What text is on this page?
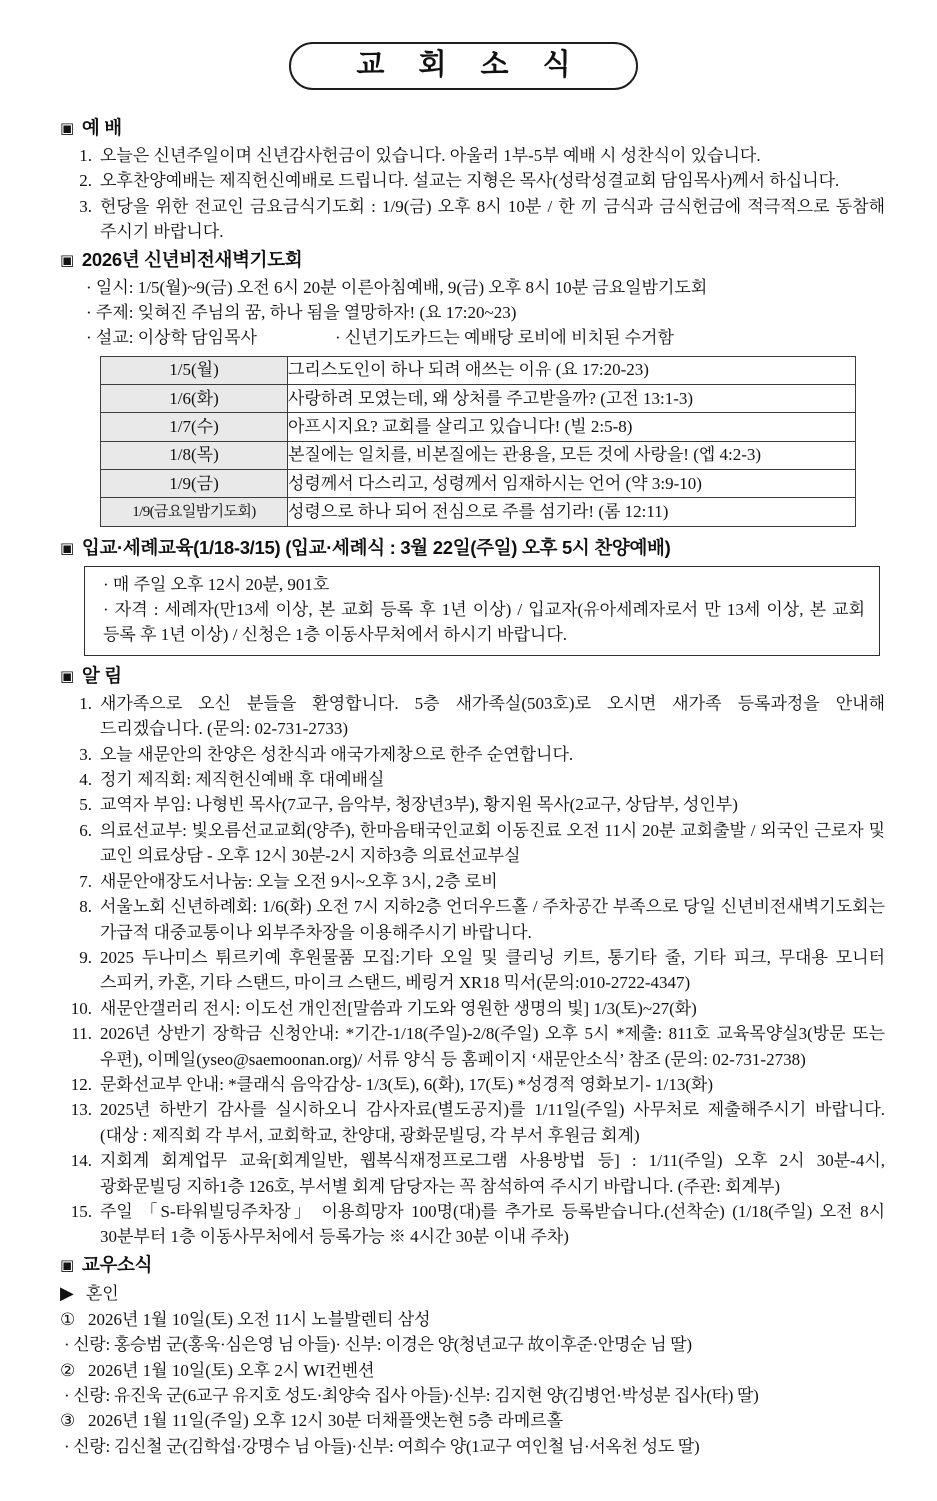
교 회 소 식
▣ 예 배
1. 오늘은 신년주일이며 신년감사헌금이 있습니다. 아울러 1부-5부 예배 시 성찬식이 있습니다.
2. 오후찬양예배는 제직헌신예배로 드립니다. 설교는 지형은 목사(성락성결교회 담임목사)께서 하십니다.
3. 헌당을 위한 전교인 금요금식기도회 : 1/9(금) 오후 8시 10분 / 한 끼 금식과 금식헌금에 적극적으로 동참해 주시기 바랍니다.
▣ 2026년 신년비전새벽기도회
· 일시: 1/5(월)~9(금) 오전 6시 20분 이른아침예배, 9(금) 오후 8시 10분 금요일밤기도회
· 주제: 잊혀진 주님의 꿈, 하나 됨을 열망하자! (요 17:20~23)
· 설교: 이상학 담임목사	· 신년기도카드는 예배당 로비에 비치된 수거함
1/5(월)	그리스도인이 하나 되려 애쓰는 이유 (요 17:20-23)
1/6(화)	사랑하려 모였는데, 왜 상처를 주고받을까? (고전 13:1-3)
1/7(수)	아프시지요? 교회를 살리고 있습니다! (빌 2:5-8)
1/8(목)	본질에는 일치를, 비본질에는 관용을, 모든 것에 사랑을! (엡 4:2-3)
1/9(금)	성령께서 다스리고, 성령께서 임재하시는 언어 (약 3:9-10)
1/9(금요일밤기도회)	성령으로 하나 되어 전심으로 주를 섬기라! (롬 12:11)
▣ 입교·세례교육(1/18-3/15) (입교·세례식 : 3월 22일(주일) 오후 5시 찬양예배)
· 매 주일 오후 12시 20분, 901호
· 자격 : 세례자(만13세 이상, 본 교회 등록 후 1년 이상) / 입교자(유아세례자로서 만 13세 이상, 본 교회 등록 후 1년 이상) / 신청은 1층 이동사무처에서 하시기 바랍니다.
▣ 알 림
1. 새가족으로 오신 분들을 환영합니다. 5층 새가족실(503호)로 오시면 새가족 등록과정을 안내해 드리겠습니다. (문의: 02-731-2733)
3. 오늘 새문안의 찬양은 성찬식과 애국가제창으로 한주 순연합니다.
4. 정기 제직회: 제직헌신예배 후 대예배실
5. 교역자 부임: 나형빈 목사(7교구, 음악부, 청장년3부), 황지원 목사(2교구, 상담부, 성인부)
6. 의료선교부: 빛오름선교교회(양주), 한마음태국인교회 이동진료 오전 11시 20분 교회출발 / 외국인 근로자 및 교인 의료상담 - 오후 12시 30분-2시 지하3층 의료선교부실
7. 새문안애장도서나눔: 오늘 오전 9시~오후 3시, 2층 로비
8. 서울노회 신년하례회: 1/6(화) 오전 7시 지하2층 언더우드홀 / 주차공간 부족으로 당일 신년비전새벽기도회는 가급적 대중교통이나 외부주차장을 이용해주시기 바랍니다.
9. 2025 두나미스 튀르키예 후원물품 모집:기타 오일 및 클리닝 키트, 통기타 줄, 기타 피크, 무대용 모니터 스피커, 카혼, 기타 스탠드, 마이크 스탠드, 베링거 XR18 믹서(문의:010-2722-4347)
10. 새문안갤러리 전시: 이도선 개인전[말씀과 기도와 영원한 생명의 빛] 1/3(토)~27(화)
11. 2026년 상반기 장학금 신청안내: *기간-1/18(주일)-2/8(주일) 오후 5시 *제출: 811호 교육목양실3(방문 또는 우편), 이메일(yseo@saemoonan.org)/ 서류 양식 등 홈페이지 ‘새문안소식’ 참조 (문의: 02-731-2738)
12. 문화선교부 안내: *클래식 음악감상- 1/3(토), 6(화), 17(토) *성경적 영화보기- 1/13(화)
13. 2025년 하반기 감사를 실시하오니 감사자료(별도공지)를 1/11일(주일) 사무처로 제출해주시기 바랍니다. (대상 : 제직회 각 부서, 교회학교, 찬양대, 광화문빌딩, 각 부서 후원금 회계)
14. 지회계 회계업무 교육[회계일반, 웹복식재정프로그램 사용방법 등] : 1/11(주일) 오후 2시 30분-4시, 광화문빌딩 지하1층 126호, 부서별 회계 담당자는 꼭 참석하여 주시기 바랍니다. (주관: 회계부)
15. 주일 「S-타워빌딩주차장」 이용희망자 100명(대)를 추가로 등록받습니다.(선착순) (1/18(주일) 오전 8시 30분부터 1층 이동사무처에서 등록가능 ※ 4시간 30분 이내 주차)
▣ 교우소식
▶ 혼인
① 2026년 1월 10일(토) 오전 11시 노블발렌티 삼성
· 신랑: 홍승범 군(홍욱·심은영 님 아들)· 신부: 이경은 양(청년교구 故이후준·안명순 님 딸)
② 2026년 1월 10일(토) 오후 2시 WI컨벤션
· 신랑: 유진욱 군(6교구 유지호 성도·최양숙 집사 아들)·신부: 김지현 양(김병언·박성분 집사(타) 딸)
③ 2026년 1월 11일(주일) 오후 12시 30분 더채플앳논현 5층 라메르홀
· 신랑: 김신철 군(김학섭·강명수 님 아들)·신부: 여희수 양(1교구 여인철 님·서옥천 성도 딸)
